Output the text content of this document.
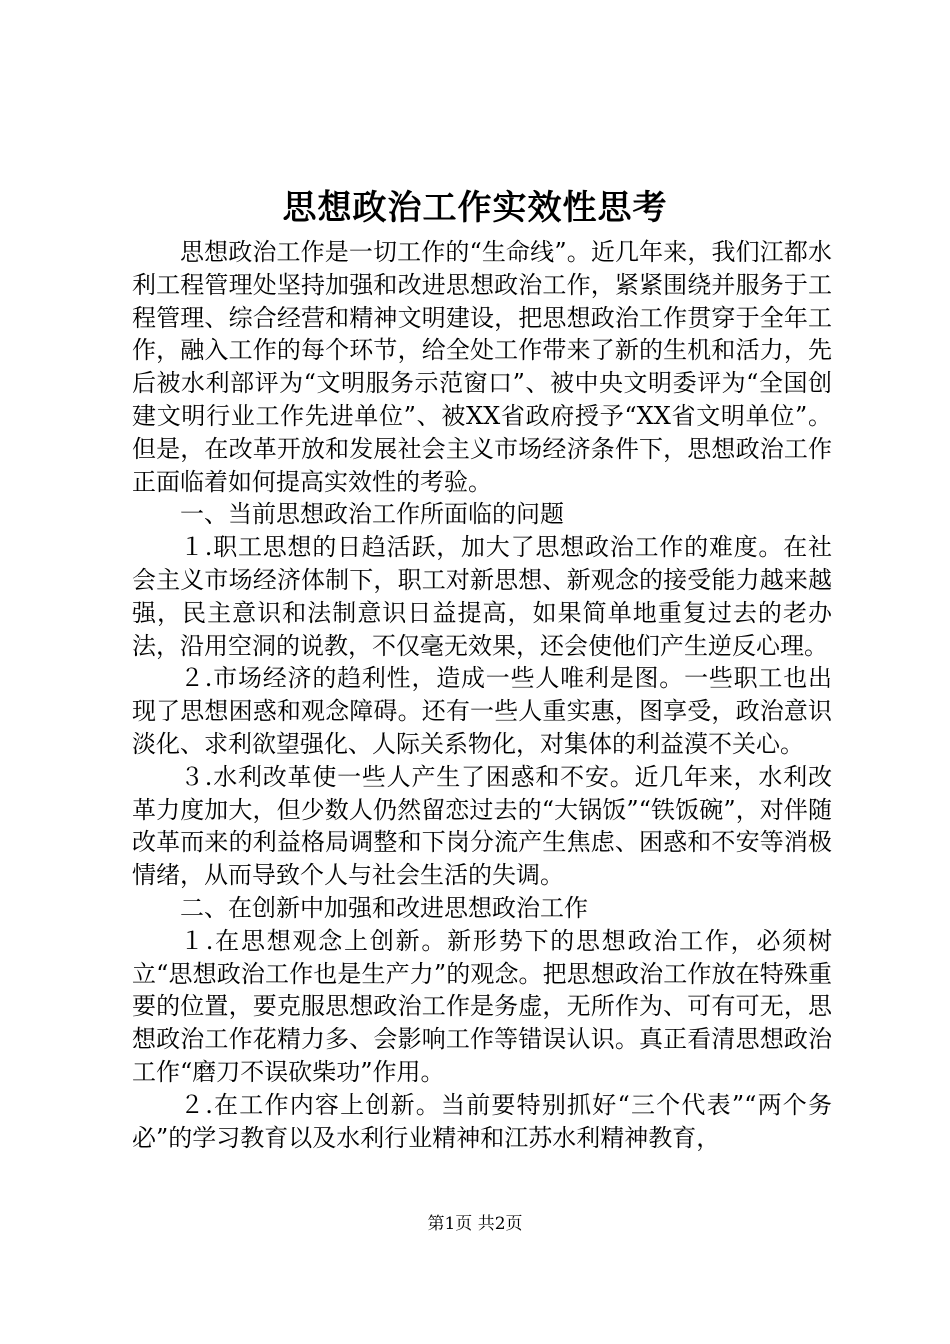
思想政治工作实效性思考

思想政治工作是一切工作的“生命线”。近几年来，我们江都水利工程管理处坚持加强和改进思想政治工作，紧紧围绕并服务于工程管理、综合经营和精神文明建设，把思想政治工作贯穿于全年工作，融入工作的每个环节，给全处工作带来了新的生机和活力，先后被水利部评为“文明服务示范窗口”、被中央文明委评为“全国创建文明行业工作先进单位”、被XX省政府授予“XX省文明单位”。但是，在改革开放和发展社会主义市场经济条件下，思想政治工作正面临着如何提高实效性的考验。

一、当前思想政治工作所面临的问题

１.职工思想的日趋活跃，加大了思想政治工作的难度。在社会主义市场经济体制下，职工对新思想、新观念的接受能力越来越强，民主意识和法制意识日益提高，如果简单地重复过去的老办法，沿用空洞的说教，不仅毫无效果，还会使他们产生逆反心理。

２.市场经济的趋利性，造成一些人唯利是图。一些职工也出现了思想困惑和观念障碍。还有一些人重实惠，图享受，政治意识淡化、求利欲望强化、人际关系物化，对集体的利益漠不关心。

３.水利改革使一些人产生了困惑和不安。近几年来，水利改革力度加大，但少数人仍然留恋过去的“大锅饭”“铁饭碗”，对伴随改革而来的利益格局调整和下岗分流产生焦虑、困惑和不安等消极情绪，从而导致个人与社会生活的失调。

二、在创新中加强和改进思想政治工作

１.在思想观念上创新。新形势下的思想政治工作，必须树立“思想政治工作也是生产力”的观念。把思想政治工作放在特殊重要的位置，要克服思想政治工作是务虚，无所作为、可有可无，思想政治工作花精力多、会影响工作等错误认识。真正看清思想政治工作“磨刀不误砍柴功”作用。

２.在工作内容上创新。当前要特别抓好“三个代表”“两个务必”的学习教育以及水利行业精神和江苏水利精神教育，

第1页 共2页
